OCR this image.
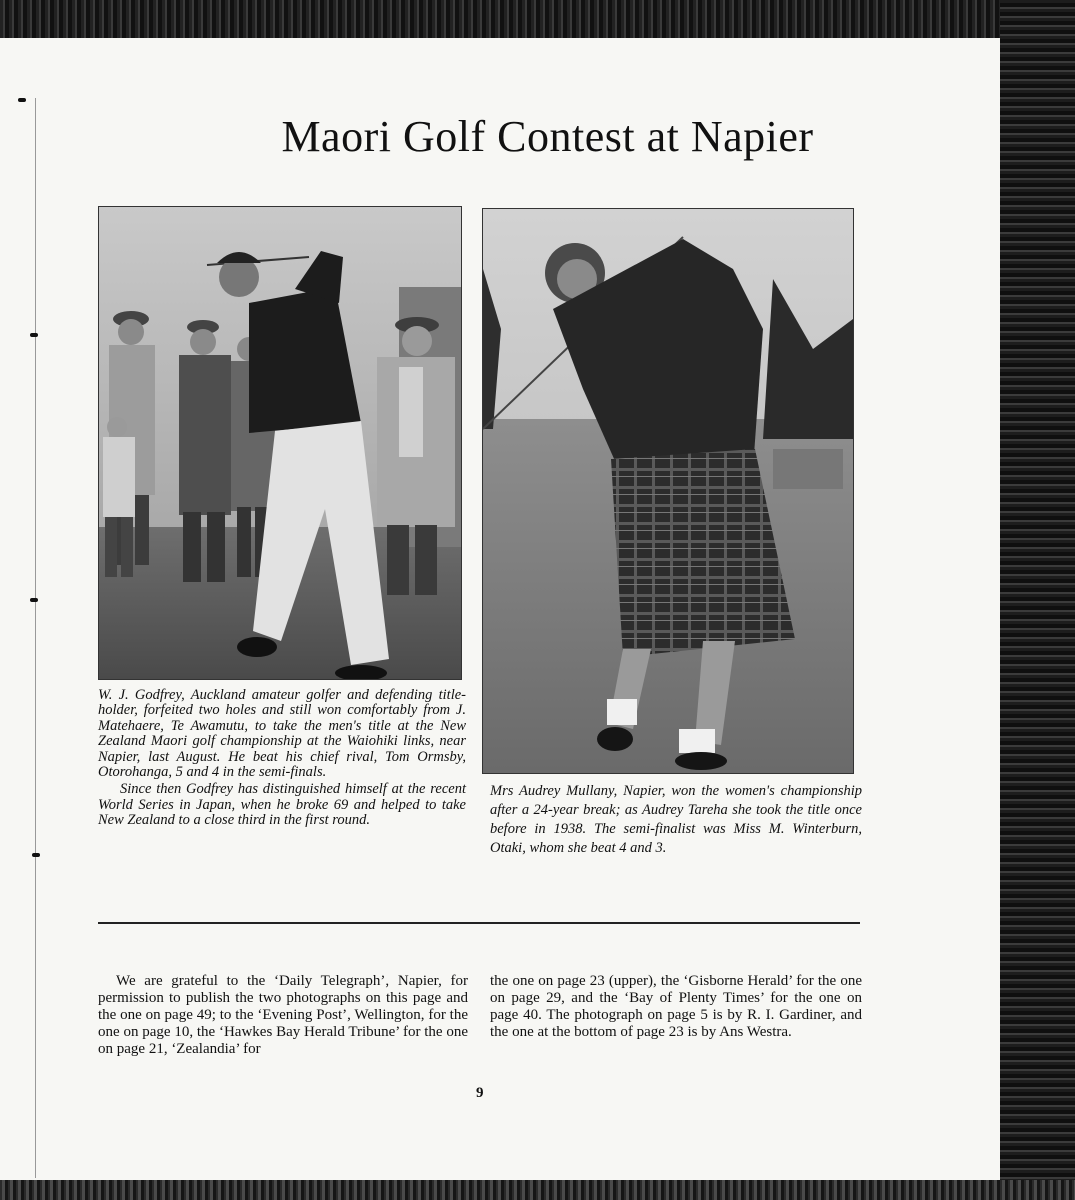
Maori Golf Contest at Napier

W. J. Godfrey, Auckland amateur golfer and defending title-holder, forfeited two holes and still won comfortably from J. Matehaere, Te Awamutu, to take the men's title at the New Zealand Maori golf championship at the Waiohiki links, near Napier, last August. He beat his chief rival, Tom Ormsby, Otorohanga, 5 and 4 in the semi-finals.

Since then Godfrey has distinguished himself at the recent World Series in Japan, when he broke 69 and helped to take New Zealand to a close third in the first round.

Mrs Audrey Mullany, Napier, won the women's championship after a 24-year break; as Audrey Tareha she took the title once before in 1938. The semi-finalist was Miss M. Winterburn, Otaki, whom she beat 4 and 3.

We are grateful to the ‘Daily Telegraph’, Napier, for permission to publish the two photographs on this page and the one on page 49; to the ‘Evening Post’, Wellington, for the one on page 10, the ‘Hawkes Bay Herald Tribune’ for the one on page 21, ‘Zealandia’ for
the one on page 23 (upper), the ‘Gisborne Herald’ for the one on page 29, and the ‘Bay of Plenty Times’ for the one on page 40. The photograph on page 5 is by R. I. Gardiner, and the one at the bottom of page 23 is by Ans Westra.
9
